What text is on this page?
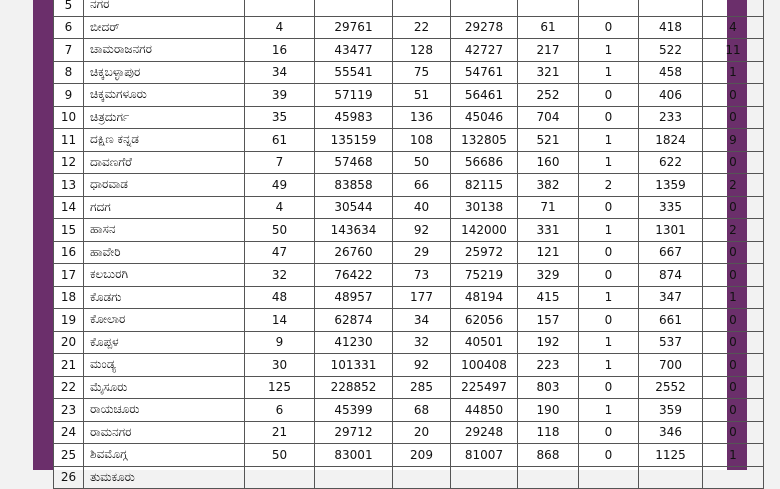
5	ನಗರ								
6	ಬೀದರ್	4	29761	22	29278	61	0	418	4
7	ಚಾಮರಾಜನಗರ	16	43477	128	42727	217	1	522	11
8	ಚಿಕ್ಕಬಳ್ಳಾಪುರ	34	55541	75	54761	321	1	458	1
9	ಚಿಕ್ಕಮಗಳೂರು	39	57119	51	56461	252	0	406	0
10	ಚಿತ್ರದುರ್ಗ	35	45983	136	45046	704	0	233	0
11	ದಕ್ಷಿಣ ಕನ್ನಡ	61	135159	108	132805	521	1	1824	9
12	ದಾವಣಗೆರೆ	7	57468	50	56686	160	1	622	0
13	ಧಾರವಾಡ	49	83858	66	82115	382	2	1359	2
14	ಗದಗ	4	30544	40	30138	71	0	335	0
15	ಹಾಸನ	50	143634	92	142000	331	1	1301	2
16	ಹಾವೇರಿ	47	26760	29	25972	121	0	667	0
17	ಕಲಬುರಗಿ	32	76422	73	75219	329	0	874	0
18	ಕೊಡಗು	48	48957	177	48194	415	1	347	1
19	ಕೋಲಾರ	14	62874	34	62056	157	0	661	0
20	ಕೊಪ್ಪಳ	9	41230	32	40501	192	1	537	0
21	ಮಂಡ್ಯ	30	101331	92	100408	223	1	700	0
22	ಮೈಸೂರು	125	228852	285	225497	803	0	2552	0
23	ರಾಯಚೂರು	6	45399	68	44850	190	1	359	0
24	ರಾಮನಗರ	21	29712	20	29248	118	0	346	0
25	ಶಿವಮೊಗ್ಗ	50	83001	209	81007	868	0	1125	1
26	ತುಮಕೂರು								
